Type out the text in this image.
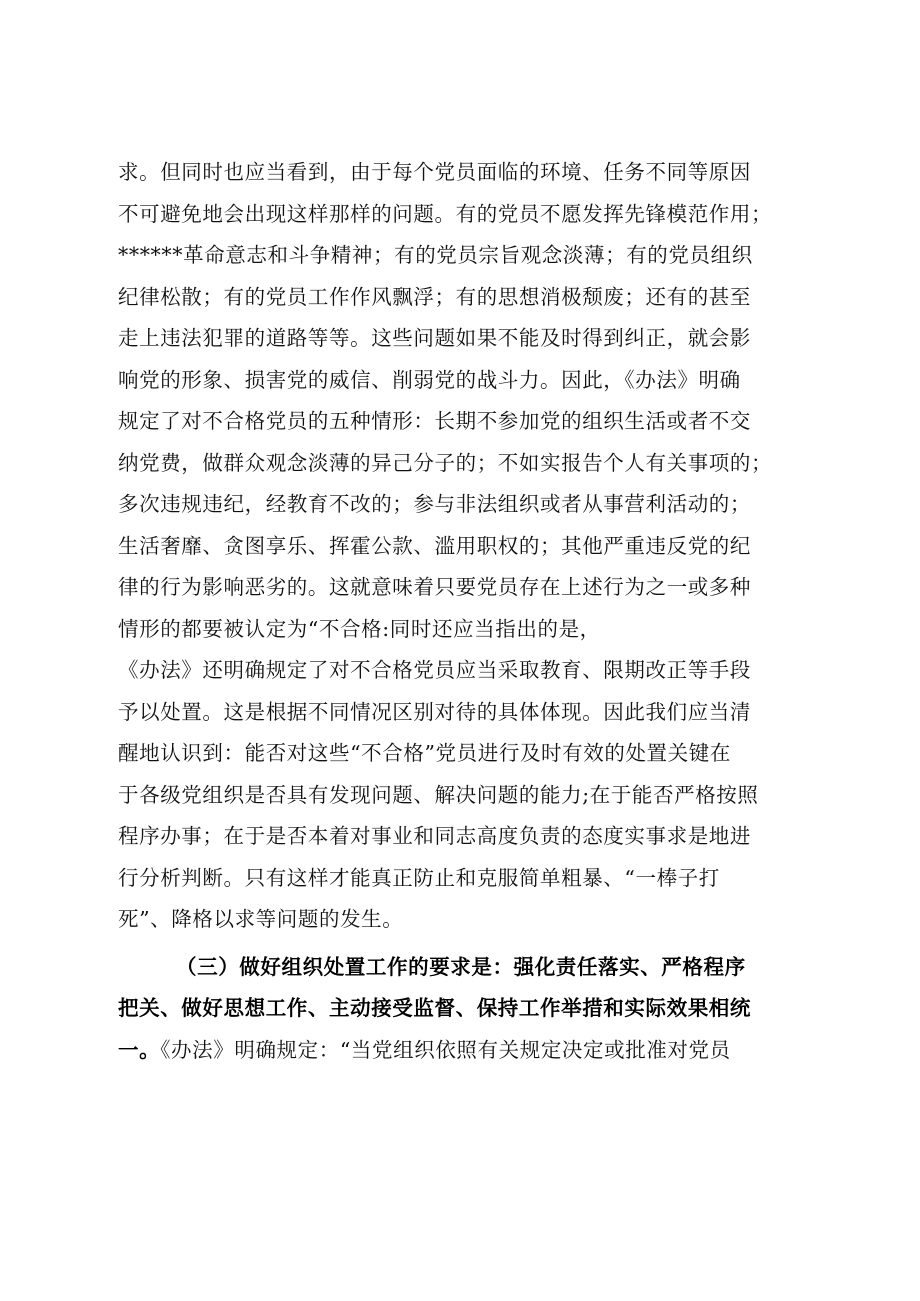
求。但同时也应当看到，由于每个党员面临的环境、任务不同等原因
不可避免地会出现这样那样的问题。有的党员不愿发挥先锋模范作用；
******革命意志和斗争精神；有的党员宗旨观念淡薄；有的党员组织
纪律松散；有的党员工作作风飘浮；有的思想消极颓废；还有的甚至
走上违法犯罪的道路等等。这些问题如果不能及时得到纠正，就会影
响党的形象、损害党的威信、削弱党的战斗力。因此，《办法》明确
规定了对不合格党员的五种情形：长期不参加党的组织生活或者不交
纳党费，做群众观念淡薄的异己分子的；不如实报告个人有关事项的；
多次违规违纪，经教育不改的；参与非法组织或者从事营利活动的；
生活奢靡、贪图享乐、挥霍公款、滥用职权的；其他严重违反党的纪
律的行为影响恶劣的。这就意味着只要党员存在上述行为之一或多种
情形的都要被认定为“不合格:同时还应当指出的是，
《办法》还明确规定了对不合格党员应当采取教育、限期改正等手段
予以处置。这是根据不同情况区别对待的具体体现。因此我们应当清
醒地认识到：能否对这些“不合格”党员进行及时有效的处置关键在
于各级党组织是否具有发现问题、解决问题的能力;在于能否严格按照
程序办事；在于是否本着对事业和同志高度负责的态度实事求是地进
行分析判断。只有这样才能真正防止和克服简单粗暴、“一棒子打
死”、降格以求等问题的发生。
（三）做好组织处置工作的要求是：强化责任落实、严格程序
把关、做好思想工作、主动接受监督、保持工作举措和实际效果相统
一。《办法》明确规定：“当党组织依照有关规定决定或批准对党员
